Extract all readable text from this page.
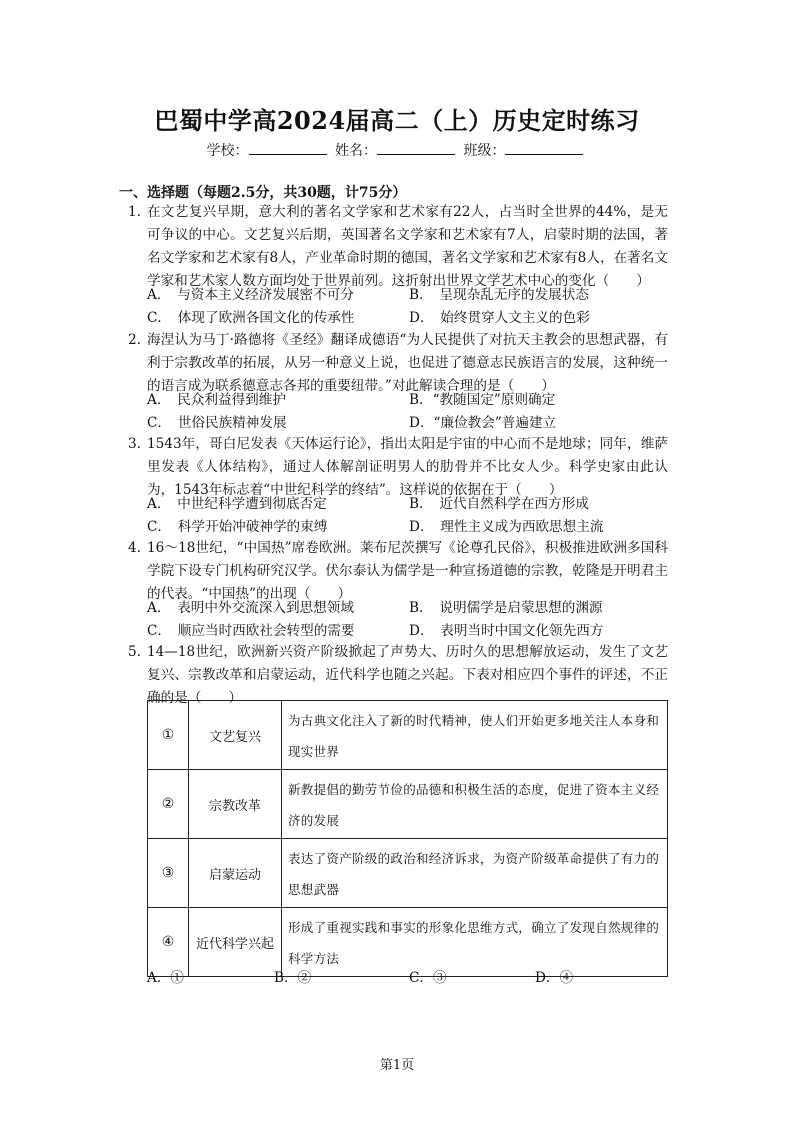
巴蜀中学高2024届高二（上）历史定时练习
学校：	姓名：	班级：
一、选择题（每题2.5分，共30题，计75分）
1．
在文艺复兴早期，意大利的著名文学家和艺术家有22人，占当时全世界的44%，是无可争议的中心。文艺复兴后期，英国著名文学家和艺术家有7人，启蒙时期的法国，著名文学家和艺术家有8人，产业革命时期的德国，著名文学家和艺术家有8人，在著名文学家和艺术家人数方面均处于世界前列。这折射出世界文学艺术中心的变化（　　）
A．　与资本主义经济发展密不可分	B．　呈现杂乱无序的发展状态
C．　体现了欧洲各国文化的传承性	D．　始终贯穿人文主义的色彩
2．
海涅认为马丁·路德将《圣经》翻译成德语“为人民提供了对抗天主教会的思想武器，有利于宗教改革的拓展，从另一种意义上说，也促进了德意志民族语言的发展，这种统一的语言成为联系德意志各邦的重要纽带。”对此解读合理的是（　　）
A．　民众利益得到维护	B．“教随国定”原则确定
C．　世俗民族精神发展	D．“廉俭教会”普遍建立
3．
1543年，哥白尼发表《天体运行论》，指出太阳是宇宙的中心而不是地球；同年，维萨里发表《人体结构》，通过人体解剖证明男人的肋骨并不比女人少。科学史家由此认为，1543年标志着“中世纪科学的终结”。这样说的依据在于（　　）
A．　中世纪科学遭到彻底否定	B．　近代自然科学在西方形成
C．　科学开始冲破神学的束缚	D．　理性主义成为西欧思想主流
4．
16～18世纪，“中国热”席卷欧洲。莱布尼茨撰写《论尊孔民俗》，积极推进欧洲多国科学院下设专门机构研究汉学。伏尔泰认为儒学是一种宣扬道德的宗教，乾隆是开明君主的代表。“中国热”的出现（　　）
A．　表明中外交流深入到思想领域	B．　说明儒学是启蒙思想的渊源
C．　顺应当时西欧社会转型的需要	D．　表明当时中国文化领先西方
5．
14—18世纪，欧洲新兴资产阶级掀起了声势大、历时久的思想解放运动，发生了文艺复兴、宗教改革和启蒙运动，近代科学也随之兴起。下表对相应四个事件的评述，不正确的是（　　）
①	文艺复兴	为古典文化注入了新的时代精神，使人们开始更多地关注人本身和现实世界
②	宗教改革	新教提倡的勤劳节俭的品德和积极生活的态度，促进了资本主义经济的发展
③	启蒙运动	表达了资产阶级的政治和经济诉求，为资产阶级革命提供了有力的思想武器
④	近代科学兴起	形成了重视实践和事实的形象化思维方式，确立了发现自然规律的科学方法
A．①	B．②	C．③	D．④
第1页
